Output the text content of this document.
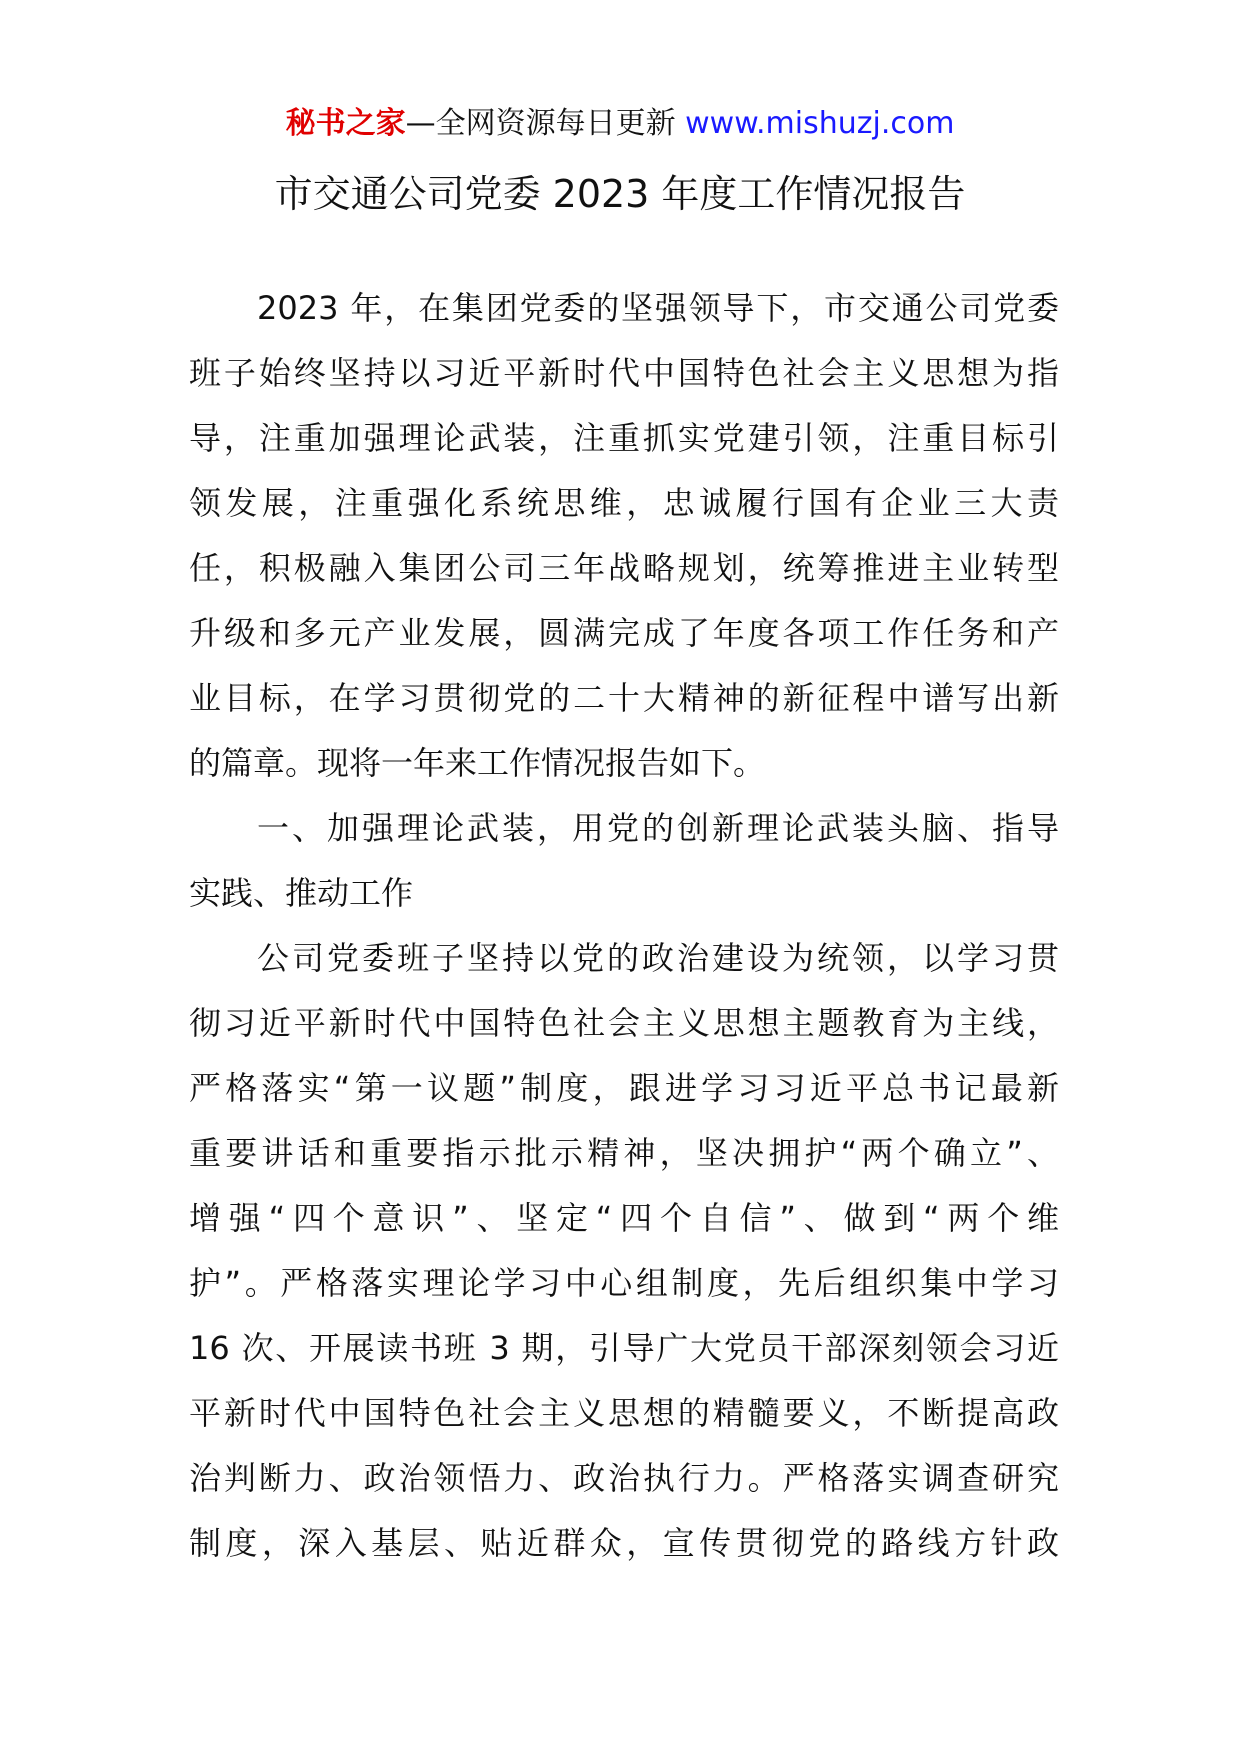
秘书之家—全网资源每日更新 www.mishuzj.com
市交通公司党委 2023 年度工作情况报告
2023 年，在集团党委的坚强领导下，市交通公司党委
班子始终坚持以习近平新时代中国特色社会主义思想为指
导，注重加强理论武装，注重抓实党建引领，注重目标引
领发展，注重强化系统思维，忠诚履行国有企业三大责
任，积极融入集团公司三年战略规划，统筹推进主业转型
升级和多元产业发展，圆满完成了年度各项工作任务和产
业目标，在学习贯彻党的二十大精神的新征程中谱写出新
的篇章。现将一年来工作情况报告如下。
一、加强理论武装，用党的创新理论武装头脑、指导
实践、推动工作
公司党委班子坚持以党的政治建设为统领，以学习贯
彻习近平新时代中国特色社会主义思想主题教育为主线，
严格落实“第一议题”制度，跟进学习习近平总书记最新
重要讲话和重要指示批示精神，坚决拥护“两个确立”、
增强“四个意识”、坚定“四个自信”、做到“两个维
护”。严格落实理论学习中心组制度，先后组织集中学习
16 次、开展读书班 3 期，引导广大党员干部深刻领会习近
平新时代中国特色社会主义思想的精髓要义，不断提高政
治判断力、政治领悟力、政治执行力。严格落实调查研究
制度，深入基层、贴近群众，宣传贯彻党的路线方针政
